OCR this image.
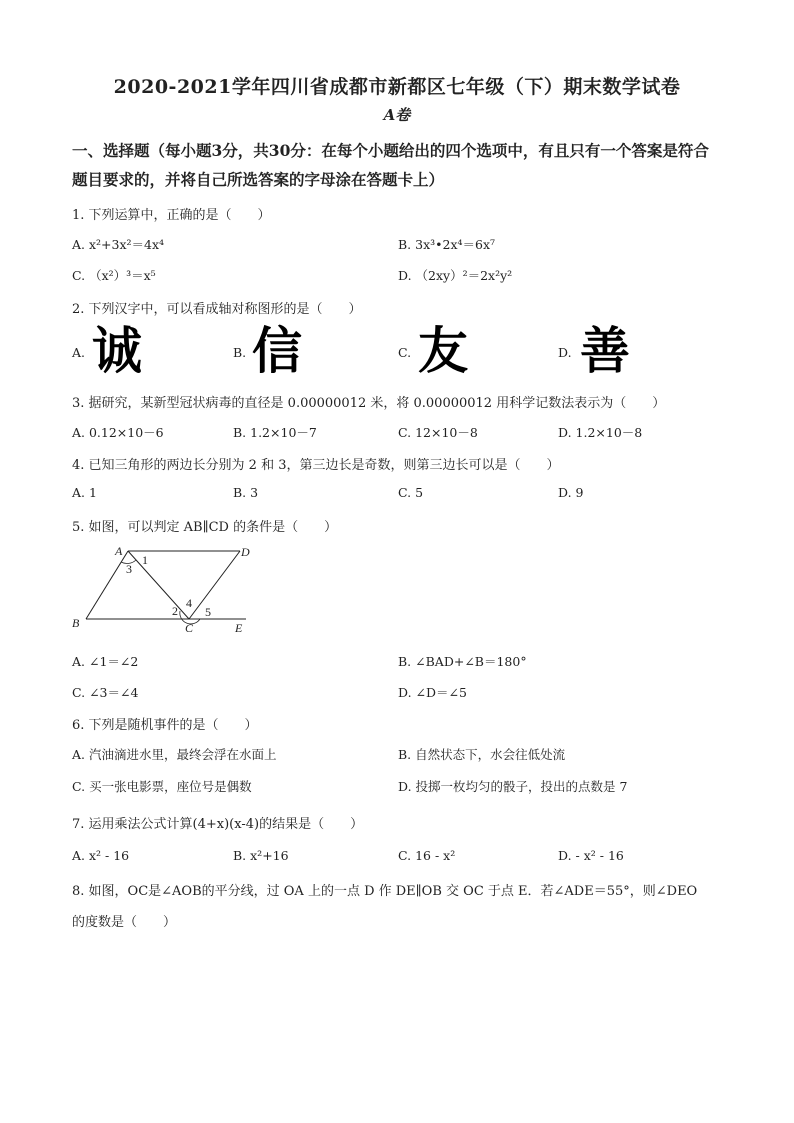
2020-2021学年四川省成都市新都区七年级（下）期末数学试卷
A卷
一、选择题（每小题3分，共30分：在每个小题给出的四个选项中，有且只有一个答案是符合题目要求的，并将自己所选答案的字母涂在答题卡上）
1. 下列运算中，正确的是（　　）
A. x²+3x²＝4x⁴	B. 3x³•2x⁴＝6x⁷
C. （x²）³＝x⁵	D. （2xy）²＝2x²y²
2. 下列汉字中，可以看成轴对称图形的是（　　）
A. 诚	B. 信	C. 友	D. 善
3. 据研究，某新型冠状病毒的直径是 0.00000012 米，将 0.00000012 用科学记数法表示为（　　）
A. 0.12×10－6	B. 1.2×10－7	C. 12×10－8	D. 1.2×10－8
4. 已知三角形的两边长分别为 2 和 3，第三边长是奇数，则第三边长可以是（　　）
A. 1	B. 3	C. 5	D. 9
5. 如图，可以判定 AB∥CD 的条件是（　　）
A	D
B	C	E
1
3
2
4
5
A. ∠1＝∠2	B. ∠BAD+∠B＝180°
C. ∠3＝∠4	D. ∠D＝∠5
6. 下列是随机事件的是（　　）
A. 汽油滴进水里，最终会浮在水面上	B. 自然状态下，水会往低处流
C. 买一张电影票，座位号是偶数	D. 投掷一枚均匀的骰子，投出的点数是 7
7. 运用乘法公式计算(4+x)(x-4)的结果是（　　）
A. x² - 16	B. x²+16	C. 16 - x²	D. - x² - 16
8. 如图，OC是∠AOB的平分线，过 OA 上的一点 D 作 DE∥OB 交 OC 于点 E．若∠ADE＝55°，则∠DEO
的度数是（　　）
